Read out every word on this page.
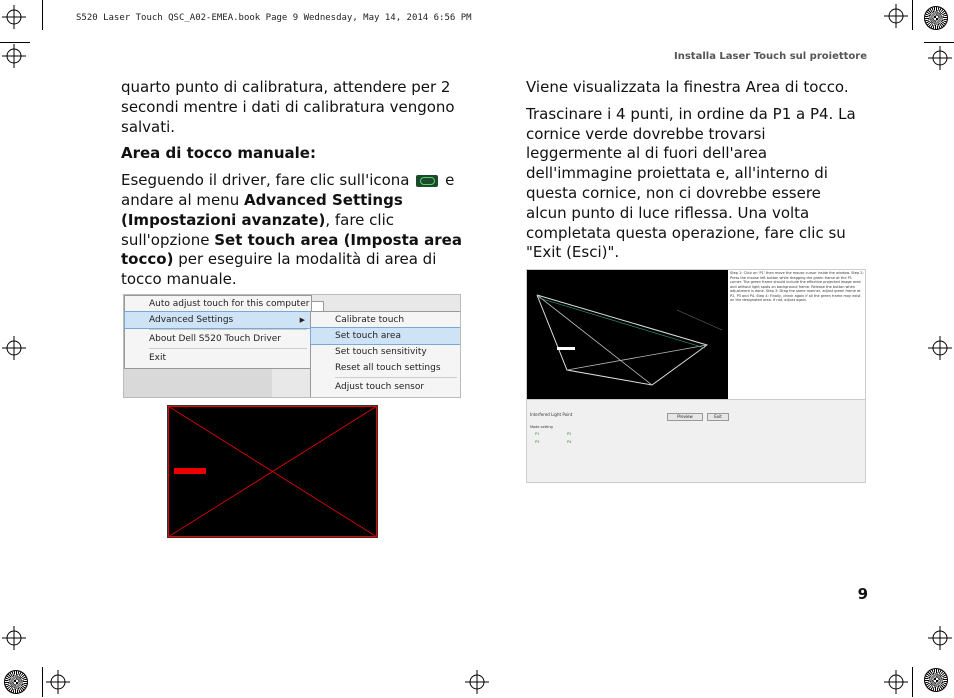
S520 Laser Touch QSC_A02-EMEA.book Page 9 Wednesday, May 14, 2014 6:56 PM
Installa Laser Touch sul proiettore
9

quarto punto di calibratura, attendere per 2 secondi mentre i dati di calibratura vengono salvati.

Area di tocco manuale:

Eseguendo il driver, fare clic sull'icona e andare al menu Advanced Settings (Impostazioni avanzate), fare clic sull'opzione Set touch area (Imposta area tocco) per eseguire la modalità di area di tocco manuale.

Viene visualizzata la finestra Area di tocco.

Trascinare i 4 punti, in ordine da P1 a P4. La cornice verde dovrebbe trovarsi leggermente al di fuori dell'area dell'immagine proiettata e, all'interno di questa cornice, non ci dovrebbe essere alcun punto di luce riflessa. Una volta completata questa operazione, fare clic su "Exit (Esci)".

Auto adjust touch for this computer
Advanced Settings	▶
About Dell S520 Touch Driver
Exit
Calibrate touch
Set touch area
Set touch sensitivity
Reset all touch settings
Adjust touch sensor
Step 1: Click on 'P1' then move the mouse cursor inside the window. Step 2: Press the mouse left button while dragging the green frame at the P1 corner. The green frame should include the effective projected image area and without light spots on background frame. Release the button when adjustment is done. Step 3: Drag the same manner, adjust green frame at P2, P3 and P4. Step 4: Finally, check again if all the green frame may exist on the designated area. If not, adjust again.
Interfered Light Point	Preview	Exit
Mode setting
P1	P2
P3	P4
